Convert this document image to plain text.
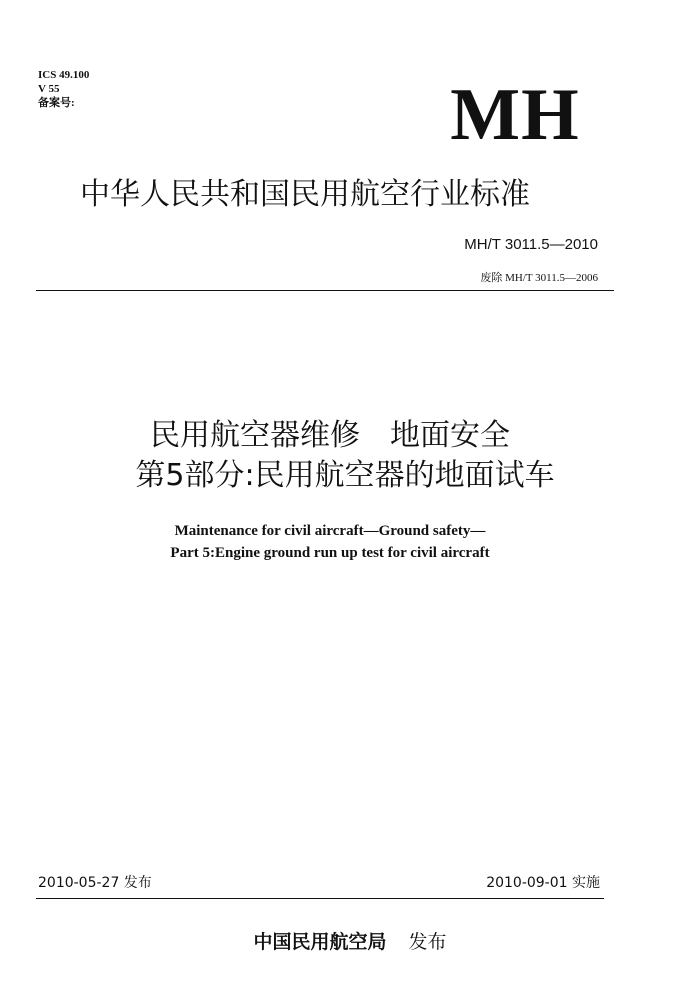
ICS 49.100
V 55
备案号:	MH
中华人民共和国民用航空行业标准
MH/T 3011.5—2010
废除 MH/T 3011.5—2006
民用航空器维修　地面安全
第5部分:民用航空器的地面试车
Maintenance for civil aircraft—Ground safety—
Part 5:Engine ground run up test for civil aircraft
2010-05-27 发布	2010-09-01 实施
中国民用航空局 发布
